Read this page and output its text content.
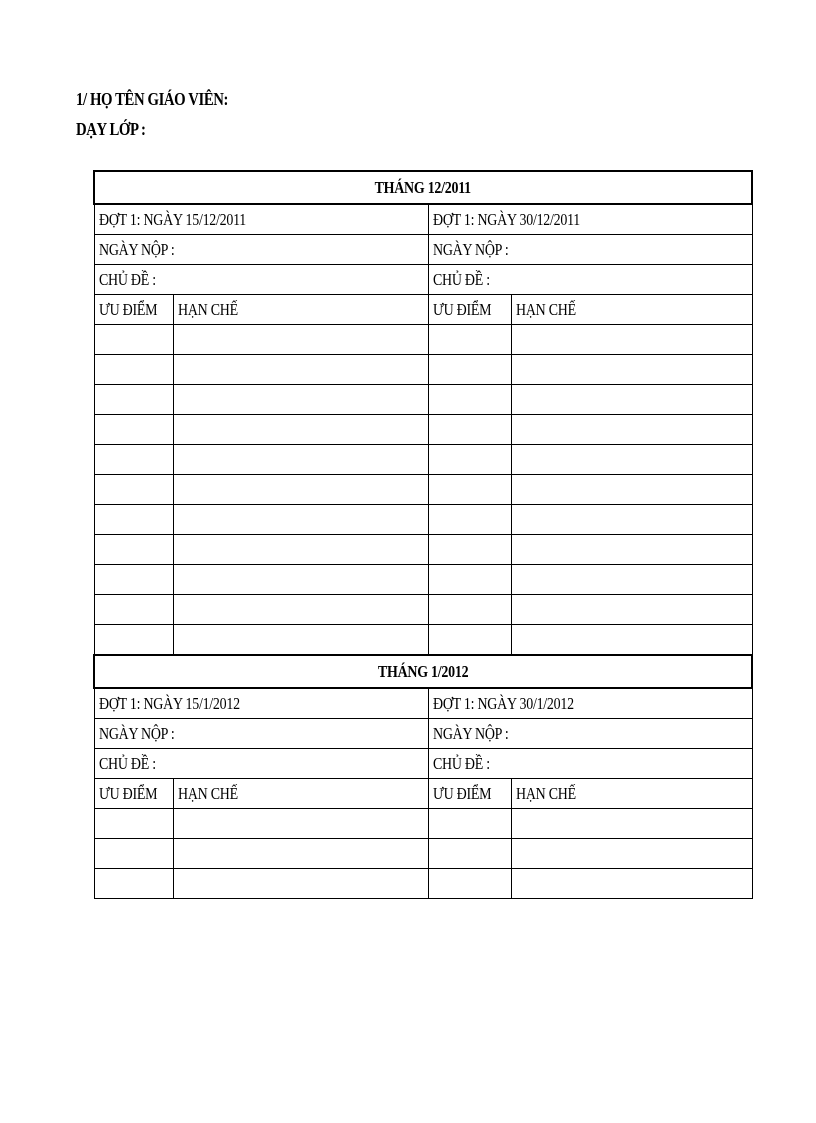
1/ HỌ TÊN GIÁO VIÊN:
DẠY LỚP :
THÁNG 12/2011			
ĐỢT 1: NGÀY 15/12/2011		ĐỢT 1: NGÀY 30/12/2011	
NGÀY NỘP :		NGÀY NỘP :	
CHỦ ĐỀ :		CHỦ ĐỀ :	
ƯU ĐIỂM	HẠN CHẾ	ƯU ĐIỂM	HẠN CHẾ

THÁNG 1/2012			
ĐỢT 1: NGÀY 15/1/2012		ĐỢT 1: NGÀY 30/1/2012	
NGÀY NỘP :		NGÀY NỘP :	
CHỦ ĐỀ :		CHỦ ĐỀ :	
ƯU ĐIỂM	HẠN CHẾ	ƯU ĐIỂM	HẠN CHẾ
